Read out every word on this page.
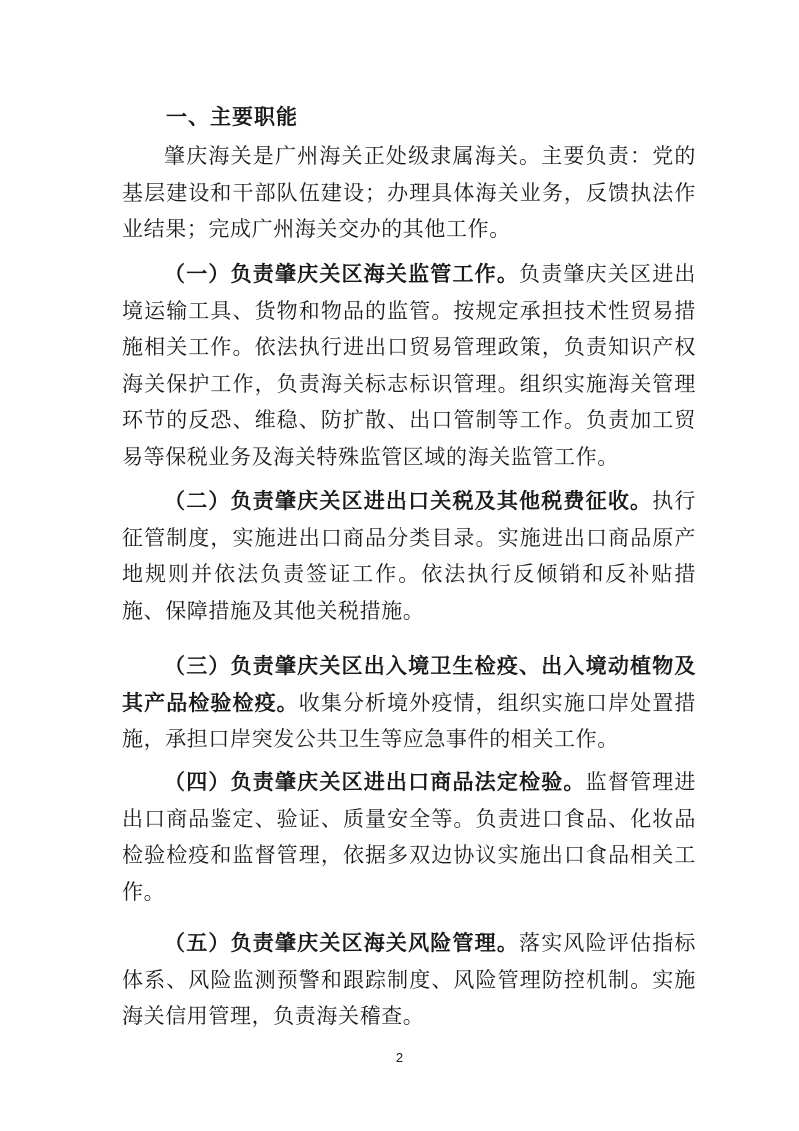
一、主要职能

肇庆海关是广州海关正处级隶属海关。主要负责：党的基层建设和干部队伍建设；办理具体海关业务，反馈执法作业结果；完成广州海关交办的其他工作。

（一）负责肇庆关区海关监管工作。负责肇庆关区进出境运输工具、货物和物品的监管。按规定承担技术性贸易措施相关工作。依法执行进出口贸易管理政策，负责知识产权海关保护工作，负责海关标志标识管理。组织实施海关管理环节的反恐、维稳、防扩散、出口管制等工作。负责加工贸易等保税业务及海关特殊监管区域的海关监管工作。

（二）负责肇庆关区进出口关税及其他税费征收。执行征管制度，实施进出口商品分类目录。实施进出口商品原产地规则并依法负责签证工作。依法执行反倾销和反补贴措施、保障措施及其他关税措施。

（三）负责肇庆关区出入境卫生检疫、出入境动植物及其产品检验检疫。收集分析境外疫情，组织实施口岸处置措施，承担口岸突发公共卫生等应急事件的相关工作。

（四）负责肇庆关区进出口商品法定检验。监督管理进出口商品鉴定、验证、质量安全等。负责进口食品、化妆品检验检疫和监督管理，依据多双边协议实施出口食品相关工作。

（五）负责肇庆关区海关风险管理。落实风险评估指标体系、风险监测预警和跟踪制度、风险管理防控机制。实施海关信用管理，负责海关稽查。

2
